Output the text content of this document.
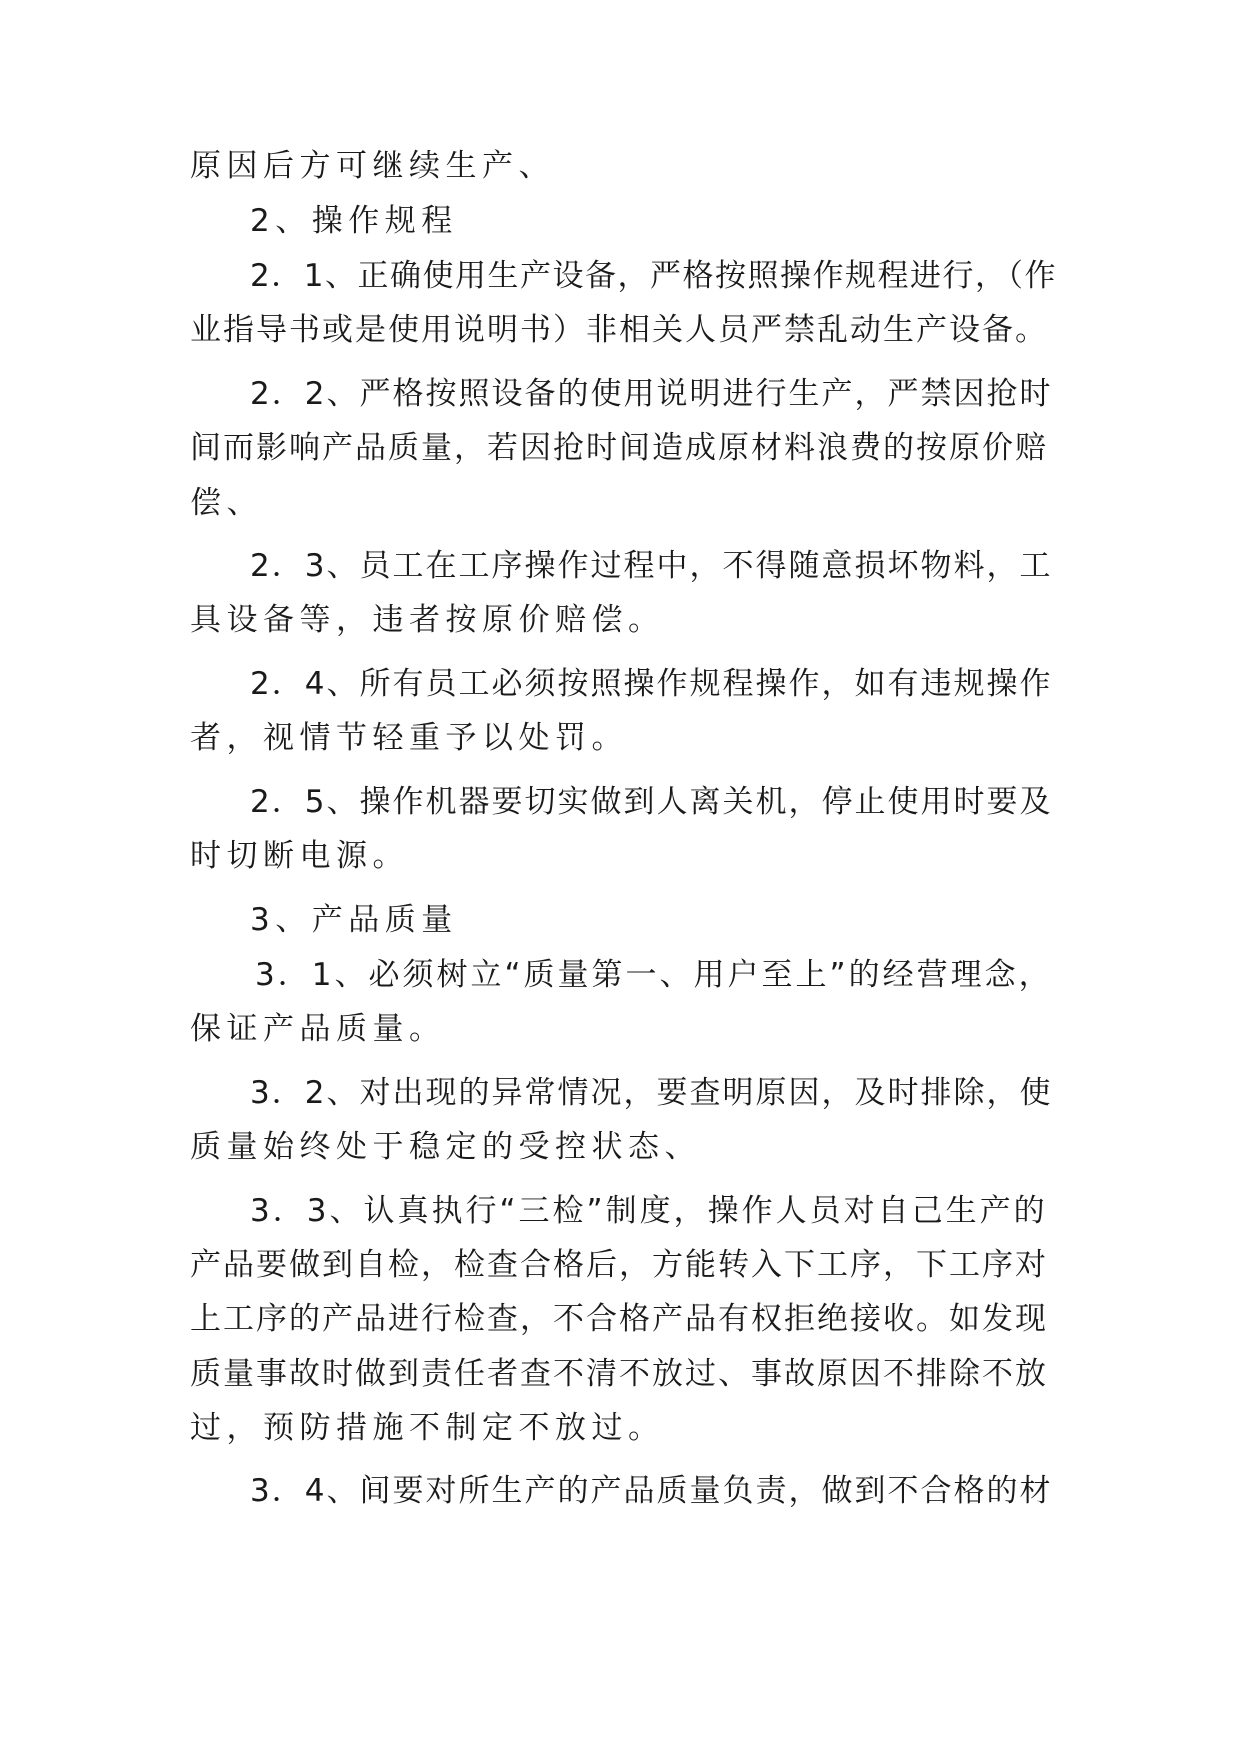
原因后方可继续生产、
2、操作规程
2．1、正确使用生产设备，严格按照操作规程进行，（作
业指导书或是使用说明书）非相关人员严禁乱动生产设备。
2．2、严格按照设备的使用说明进行生产，严禁因抢时
间而影响产品质量，若因抢时间造成原材料浪费的按原价赔
偿、
2．3、员工在工序操作过程中，不得随意损坏物料，工
具设备等，违者按原价赔偿。
2．4、所有员工必须按照操作规程操作，如有违规操作
者，视情节轻重予以处罚。
2．5、操作机器要切实做到人离关机，停止使用时要及
时切断电源。
3、产品质量
3．1、必须树立“质量第一、用户至上”的经营理念，
保证产品质量。
3．2、对出现的异常情况，要查明原因，及时排除，使
质量始终处于稳定的受控状态、
3．3、认真执行“三检”制度，操作人员对自己生产的
产品要做到自检，检查合格后，方能转入下工序，下工序对
上工序的产品进行检查，不合格产品有权拒绝接收。如发现
质量事故时做到责任者查不清不放过、事故原因不排除不放
过，预防措施不制定不放过。
3．4、间要对所生产的产品质量负责，做到不合格的材
